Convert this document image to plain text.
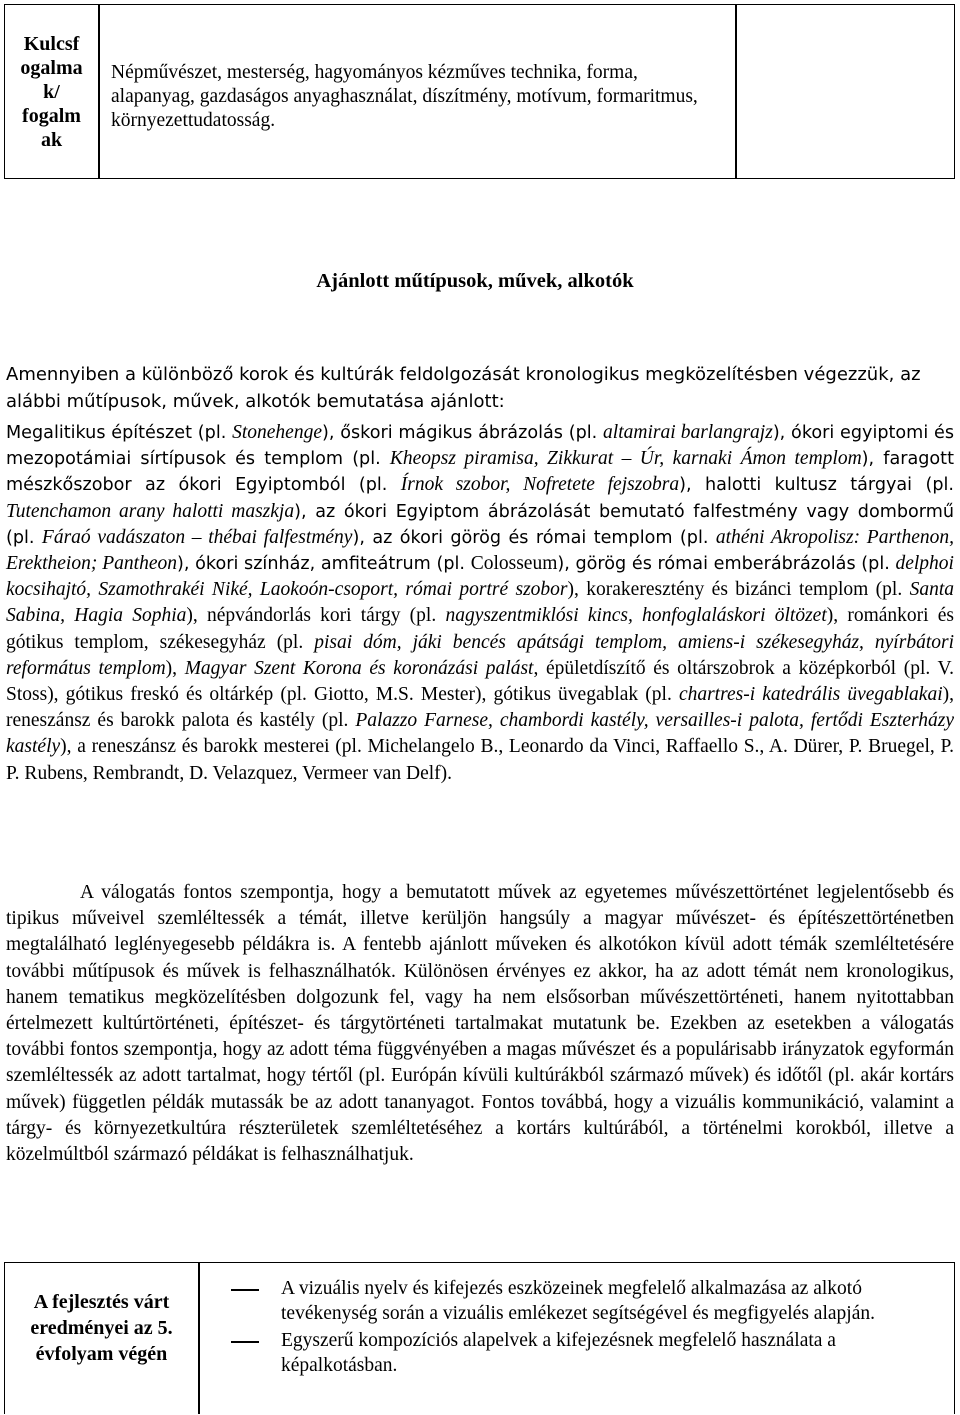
Kulcsf
ogalma
k/
fogalm
ak
Népművészet, mesterség, hagyományos kézműves technika, forma, alapanyag, gazdaságos anyaghasználat, díszítmény, motívum, formaritmus, környezettudatosság.
Ajánlott műtípusok, művek, alkotók
Amennyiben a különböző korok és kultúrák feldolgozását kronologikus megközelítésben végezzük, az alábbi műtípusok, művek, alkotók bemutatása ajánlott:
Megalitikus építészet (pl. Stonehenge), őskori mágikus ábrázolás (pl. altamirai barlangrajz), ókori egyiptomi és mezopotámiai sírtípusok és templom (pl. Kheopsz piramisa, Zikkurat – Úr, karnaki Ámon templom), faragott mészkőszobor az ókori Egyiptomból (pl. Írnok szobor, Nofretete fejszobra), halotti kultusz tárgyai (pl. Tutenchamon arany halotti maszkja), az ókori Egyiptom ábrázolását bemutató falfestmény vagy dombormű (pl. Fáraó vadászaton – thébai falfestmény), az ókori görög és római templom (pl. athéni Akropolisz: Parthenon, Erektheion; Pantheon), ókori színház, amfiteátrum (pl. Colosseum), görög és római emberábrázolás (pl. delphoi kocsihajtó, Szamothrakéi Niké, Laokoón-csoport, római portré szobor), korakeresztény és bizánci templom (pl. Santa Sabina, Hagia Sophia), népvándorlás kori tárgy (pl. nagyszentmiklósi kincs, honfoglaláskori öltözet), románkori és gótikus templom, székesegyház (pl. pisai dóm, jáki bencés apátsági templom, amiens-i székesegyház, nyírbátori református templom), Magyar Szent Korona és koronázási palást, épületdíszítő és oltárszobrok a középkorból (pl. V. Stoss), gótikus freskó és oltárkép (pl. Giotto, M.S. Mester), gótikus üvegablak (pl. chartres-i katedrális üvegablakai), reneszánsz és barokk palota és kastély (pl. Palazzo Farnese, chambordi kastély, versailles-i palota, fertődi Eszterházy kastély), a reneszánsz és barokk mesterei (pl. Michelangelo B., Leonardo da Vinci, Raffaello S., A. Dürer, P. Bruegel, P. P. Rubens, Rembrandt, D. Velazquez, Vermeer van Delf).
A válogatás fontos szempontja, hogy a bemutatott művek az egyetemes művészettörténet legjelentősebb és tipikus műveivel szemléltessék a témát, illetve kerüljön hangsúly a magyar művészet- és építészettörténetben megtalálható leglényegesebb példákra is. A fentebb ajánlott műveken és alkotókon kívül adott témák szemléltetésére további műtípusok és művek is felhasználhatók. Különösen érvényes ez akkor, ha az adott témát nem kronologikus, hanem tematikus megközelítésben dolgozunk fel, vagy ha nem elsősorban művészettörténeti, hanem nyitottabban értelmezett kultúrtörténeti, építészet- és tárgytörténeti tartalmakat mutatunk be. Ezekben az esetekben a válogatás további fontos szempontja, hogy az adott téma függvényében a magas művészet és a populárisabb irányzatok egyformán szemléltessék az adott tartalmat, hogy tértől (pl. Európán kívüli kultúrákból származó művek) és időtől (pl. akár kortárs művek) független példák mutassák be az adott tananyagot. Fontos továbbá, hogy a vizuális kommunikáció, valamint a tárgy- és környezetkultúra részterületek szemléltetéséhez a kortárs kultúrából, a történelmi korokból, illetve a közelmúltból származó példákat is felhasználhatjuk.
A fejlesztés várt
eredményei az 5.
évfolyam végén
A vizuális nyelv és kifejezés eszközeinek megfelelő alkalmazása az alkotó tevékenység során a vizuális emlékezet segítségével és megfigyelés alapján.
Egyszerű kompozíciós alapelvek a kifejezésnek megfelelő használata a képalkotásban.
